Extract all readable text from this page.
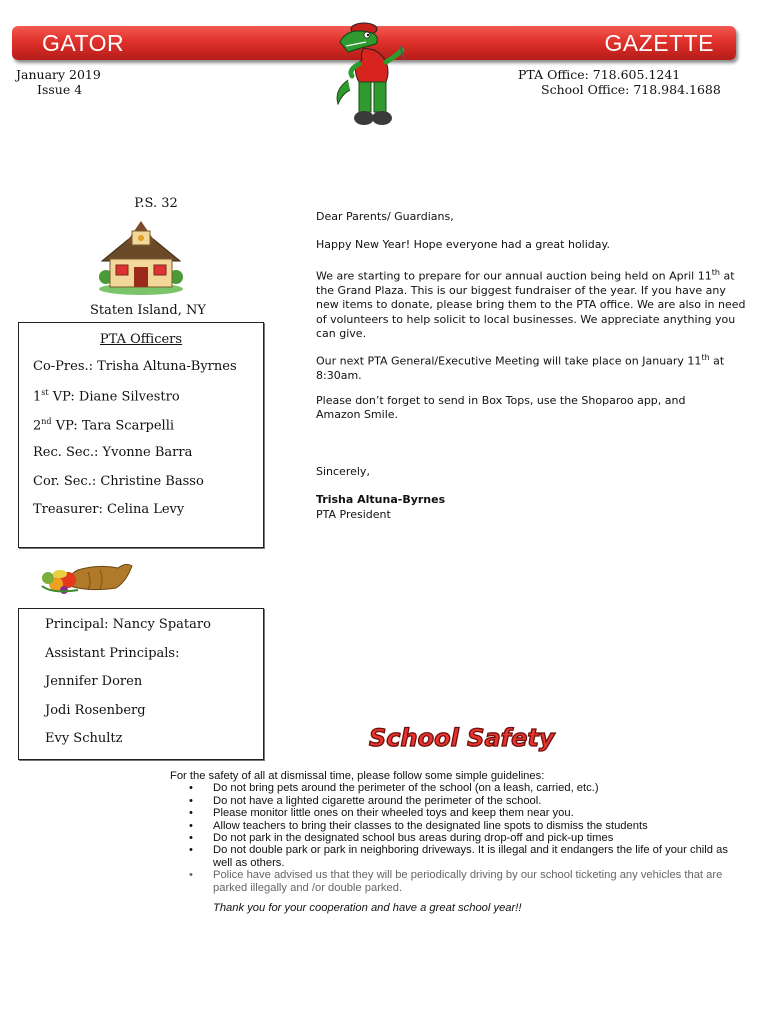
GATOR	GAZETTE
January 2019
Issue 4
PTA Office: 718.605.1241
School Office: 718.984.1688
P.S. 32
Staten Island, NY
PTA Officers
Co-Pres.: Trisha Altuna-Byrnes
1st VP: Diane Silvestro
2nd VP: Tara Scarpelli
Rec. Sec.: Yvonne Barra
Cor. Sec.: Christine Basso
Treasurer: Celina Levy
Principal: Nancy Spataro
Assistant Principals:
Jennifer Doren
Jodi Rosenberg
Evy Schultz
Dear Parents/ Guardians,
Happy New Year! Hope everyone had a great holiday.
We are starting to prepare for our annual auction being held on April 11th at the Grand Plaza. This is our biggest fundraiser of the year. If you have any new items to donate, please bring them to the PTA office. We are also in need of volunteers to help solicit to local businesses. We appreciate anything you can give.
Our next PTA General/Executive Meeting will take place on January 11th at 8:30am.
Please don’t forget to send in Box Tops, use the Shoparoo app, and Amazon Smile.
Sincerely,
Trisha Altuna-Byrnes
PTA President
School Safety
For the safety of all at dismissal time, please follow some simple guidelines:
• Do not bring pets around the perimeter of the school (on a leash, carried, etc.)
• Do not have a lighted cigarette around the perimeter of the school.
• Please monitor little ones on their wheeled toys and keep them near you.
• Allow teachers to bring their classes to the designated line spots to dismiss the students
• Do not park in the designated school bus areas during drop-off and pick-up times
• Do not double park or park in neighboring driveways. It is illegal and it endangers the life of your child as well as others.
• Police have advised us that they will be periodically driving by our school ticketing any vehicles that are parked illegally and /or double parked.
Thank you for your cooperation and have a great school year!!
